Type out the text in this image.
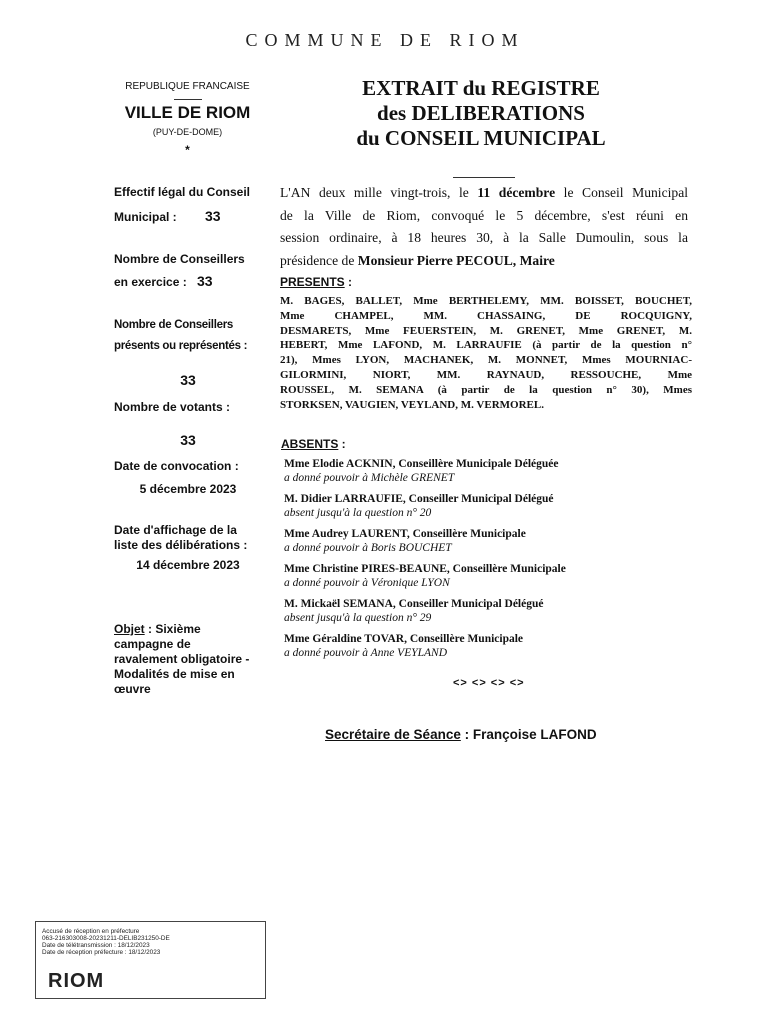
COMMUNE DE RIOM
REPUBLIQUE FRANCAISE
VILLE DE RIOM
(PUY-DE-DOME)
*
EXTRAIT du REGISTRE
des DELIBERATIONS
du CONSEIL MUNICIPAL
Effectif légal du Conseil
Municipal : 33
Nombre de Conseillers
en exercice : 33
Nombre de Conseillers
présents ou représentés :
33
Nombre de votants :
33
Date de convocation :
5 décembre 2023
Date d'affichage de la
liste des délibérations :
14 décembre 2023
Objet : Sixième
campagne de
ravalement obligatoire -
Modalités de mise en
œuvre
L'AN deux mille vingt-trois, le 11 décembre le Conseil Municipal
de la Ville de Riom, convoqué le 5 décembre, s'est réuni en
session ordinaire, à 18 heures 30, à la Salle Dumoulin, sous la
présidence de Monsieur Pierre PECOUL, Maire
PRESENTS :
M. BAGES, BALLET, Mme BERTHELEMY, MM. BOISSET, BOUCHET,
Mme CHAMPEL, MM. CHASSAING, DE ROCQUIGNY,
DESMARETS, Mme FEUERSTEIN, M. GRENET, Mme GRENET, M.
HEBERT, Mme LAFOND, M. LARRAUFIE (à partir de la question n°
21), Mmes LYON, MACHANEK, M. MONNET, Mmes MOURNIAC-
GILORMINI, NIORT, MM. RAYNAUD, RESSOUCHE, Mme
ROUSSEL, M. SEMANA (à partir de la question n° 30), Mmes
STORKSEN, VAUGIEN, VEYLAND, M. VERMOREL.
ABSENTS :
Mme Elodie ACKNIN, Conseillère Municipale Déléguée
a donné pouvoir à Michèle GRENET
M. Didier LARRAUFIE, Conseiller Municipal Délégué
absent jusqu'à la question n° 20
Mme Audrey LAURENT, Conseillère Municipale
a donné pouvoir à Boris BOUCHET
Mme Christine PIRES-BEAUNE, Conseillère Municipale
a donné pouvoir à Véronique LYON
M. Mickaël SEMANA, Conseiller Municipal Délégué
absent jusqu'à la question n° 29
Mme Géraldine TOVAR, Conseillère Municipale
a donné pouvoir à Anne VEYLAND
<> <> <> <>
Secrétaire de Séance : Françoise LAFOND
Accusé de réception en préfecture
063-216303008-20231211-DELIB231250-DE
Date de télétransmission : 18/12/2023
Date de réception préfecture : 18/12/2023
RIOM
